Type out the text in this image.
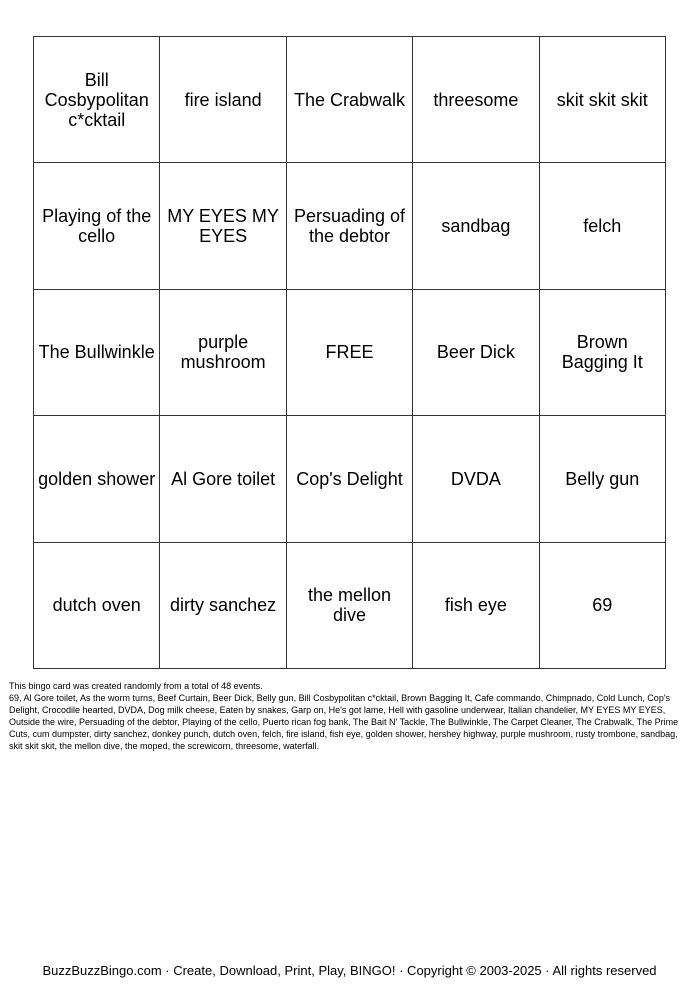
Bill Cosbypolitan c*cktail	fire island	The Crabwalk	threesome	skit skit skit
Playing of the cello	MY EYES MY EYES	Persuading of the debtor	sandbag	felch
The Bullwinkle	purple mushroom	FREE	Beer Dick	Brown Bagging It
golden shower	Al Gore toilet	Cop's Delight	DVDA	Belly gun
dutch oven	dirty sanchez	the mellon dive	fish eye	69

This bingo card was created randomly from a total of 48 events.

69, Al Gore toilet, As the worm turns, Beef Curtain, Beer Dick, Belly gun, Bill Cosbypolitan c*cktail, Brown Bagging It, Cafe commando, Chimpnado, Cold Lunch, Cop's Delight, Crocodile hearted, DVDA, Dog milk cheese, Eaten by snakes, Garp on, He's got lame, Hell with gasoline underwear, Italian chandelier, MY EYES MY EYES, Outside the wire, Persuading of the debtor, Playing of the cello, Puerto rican fog bank, The Bait N' Tackle, The Bullwinkle, The Carpet Cleaner, The Crabwalk, The Prime Cuts, cum dumpster, dirty sanchez, donkey punch, dutch oven, felch, fire island, fish eye, golden shower, hershey highway, purple mushroom, rusty trombone, sandbag, skit skit skit, the mellon dive, the moped, the screwicorn, threesome, waterfall.

BuzzBuzzBingo.com · Create, Download, Print, Play, BINGO! · Copyright © 2003-2025 · All rights reserved
